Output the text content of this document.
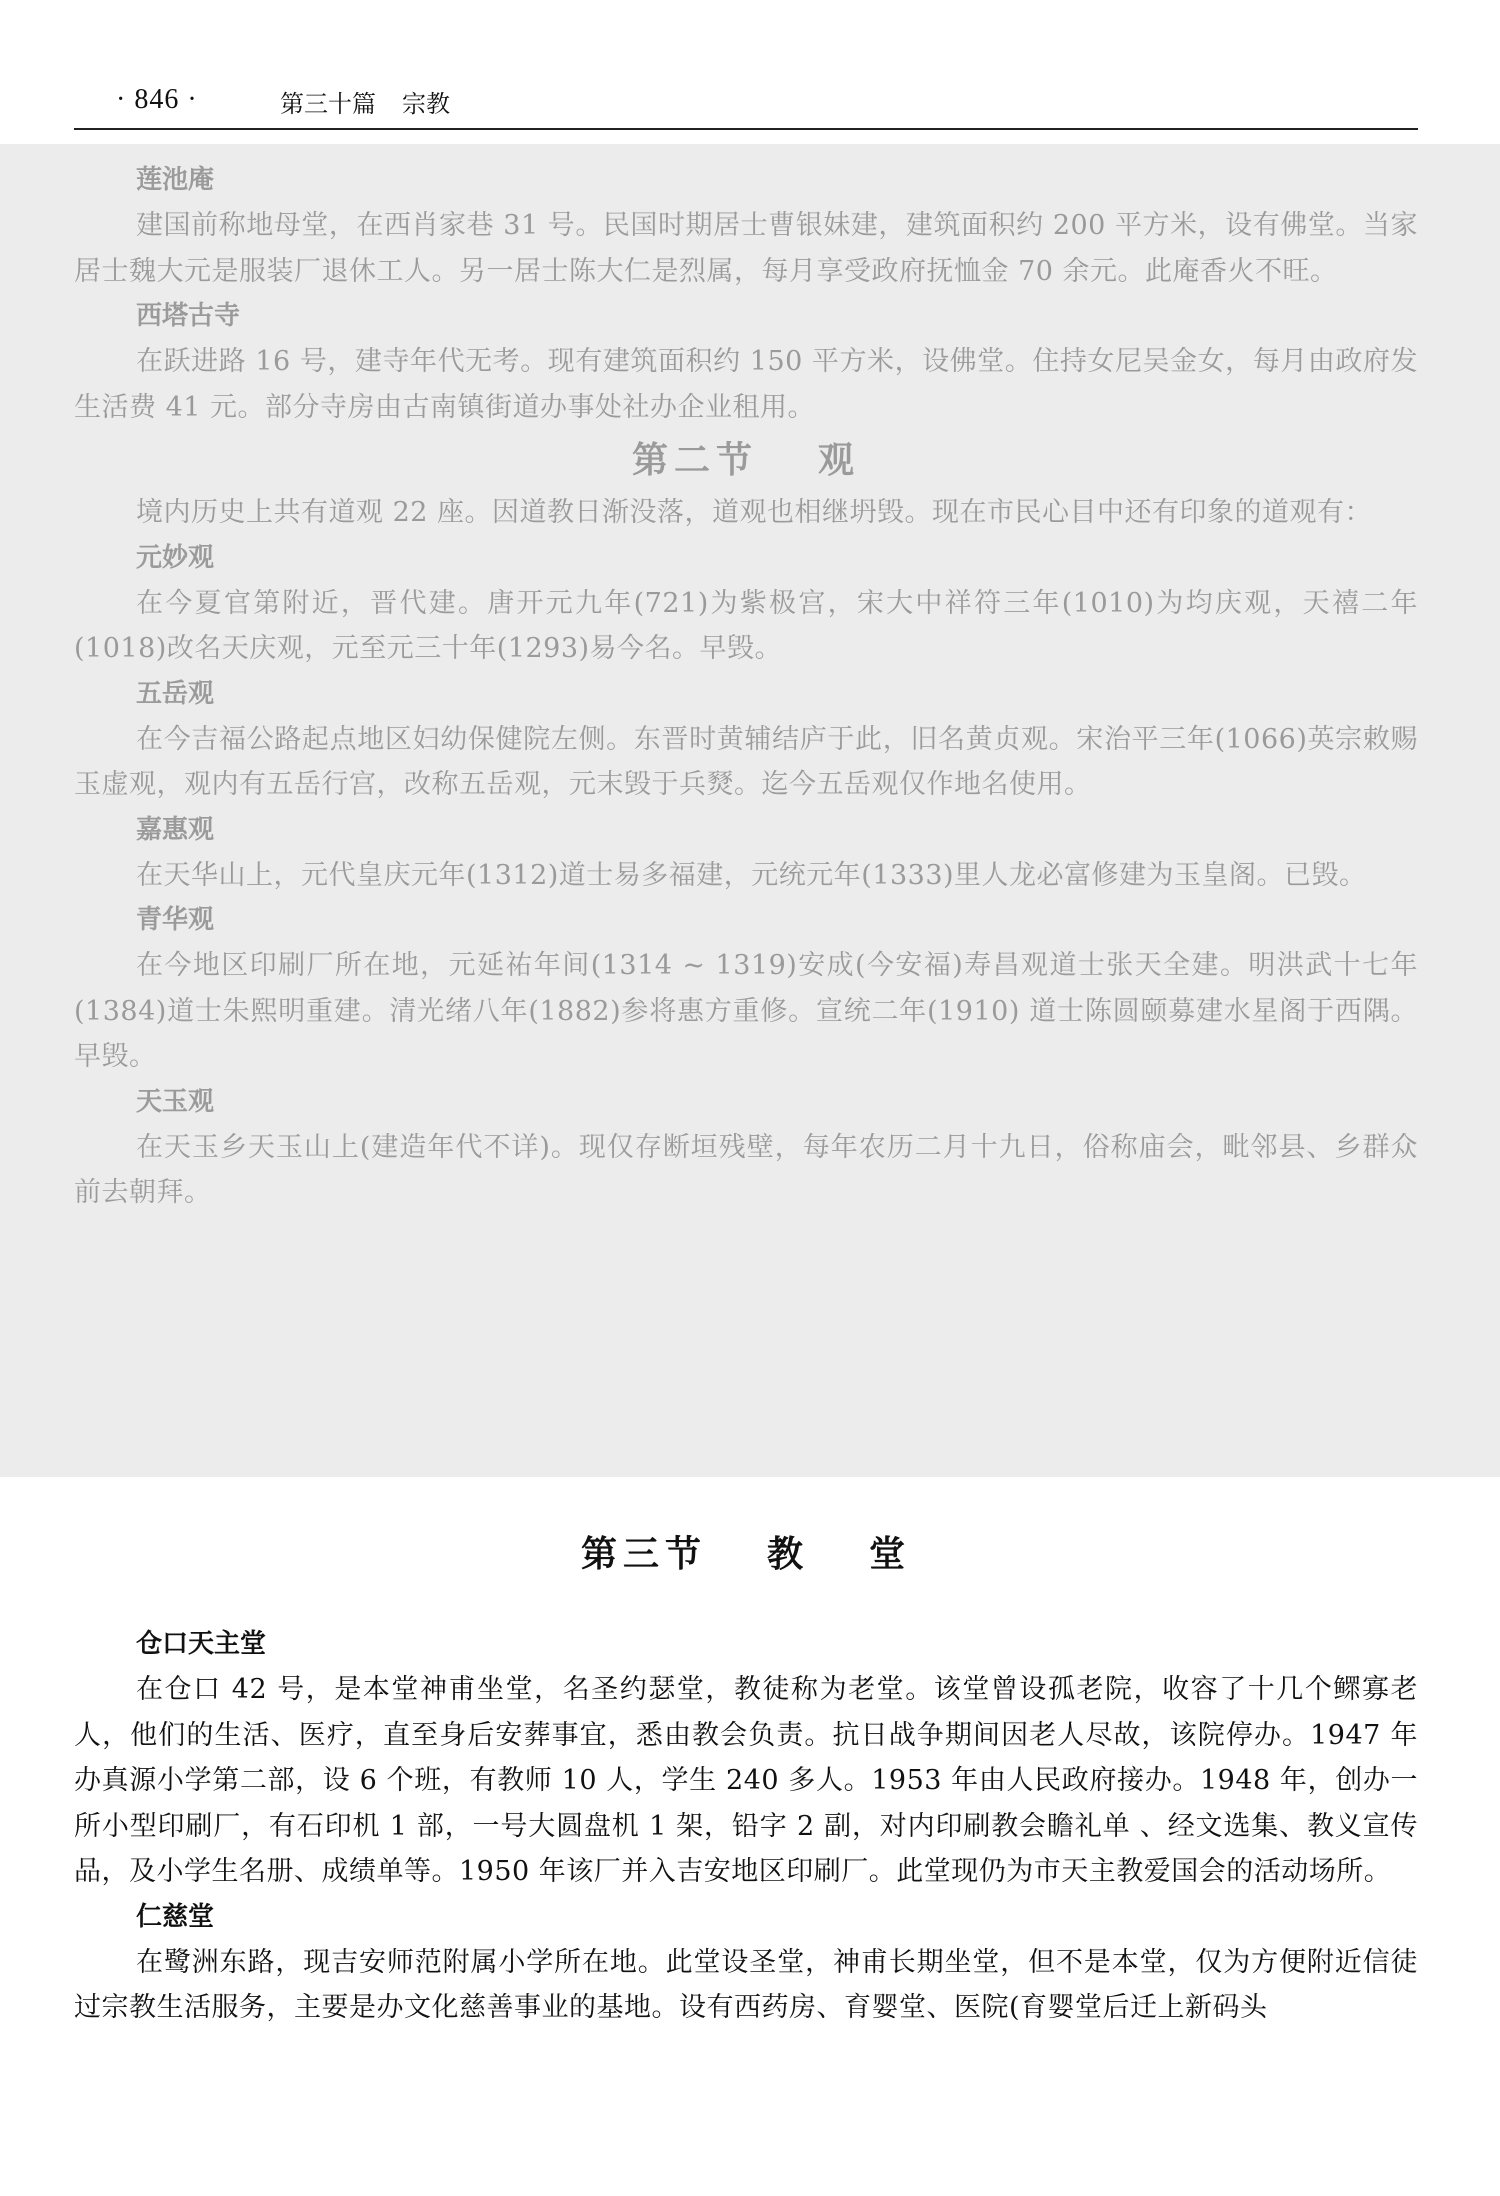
· 846 ·	第三十篇 宗教

莲池庵

建国前称地母堂，在西肖家巷 31 号。民国时期居士曹银妹建，建筑面积约 200 平方米，设有佛堂。当家居士魏大元是服装厂退休工人。另一居士陈大仁是烈属，每月享受政府抚恤金 70 余元。此庵香火不旺。

西塔古寺

在跃进路 16 号，建寺年代无考。现有建筑面积约 150 平方米，设佛堂。住持女尼吴金女，每月由政府发生活费 41 元。部分寺房由古南镇街道办事处社办企业租用。

第二节 观

境内历史上共有道观 22 座。因道教日渐没落，道观也相继坍毁。现在市民心目中还有印象的道观有：

元妙观

在今夏官第附近，晋代建。唐开元九年(721)为紫极宫，宋大中祥符三年(1010)为均庆观，天禧二年(1018)改名天庆观，元至元三十年(1293)易今名。早毁。

五岳观

在今吉福公路起点地区妇幼保健院左侧。东晋时黄辅结庐于此，旧名黄贞观。宋治平三年(1066)英宗敕赐玉虚观，观内有五岳行宫，改称五岳观，元末毁于兵燹。迄今五岳观仅作地名使用。

嘉惠观

在天华山上，元代皇庆元年(1312)道士易多福建，元统元年(1333)里人龙必富修建为玉皇阁。已毁。

青华观

在今地区印刷厂所在地，元延祐年间(1314 ~ 1319)安成(今安福)寿昌观道士张天全建。明洪武十七年(1384)道士朱熙明重建。清光绪八年(1882)参将惠方重修。宣统二年(1910) 道士陈圆颐募建水星阁于西隅。早毁。

天玉观

在天玉乡天玉山上(建造年代不详)。现仅存断垣残壁，每年农历二月十九日，俗称庙会，毗邻县、乡群众前去朝拜。

第三节 教 堂

仓口天主堂

在仓口 42 号，是本堂神甫坐堂，名圣约瑟堂，教徒称为老堂。该堂曾设孤老院，收容了十几个鳏寡老人，他们的生活、医疗，直至身后安葬事宜，悉由教会负责。抗日战争期间因老人尽故，该院停办。1947 年办真源小学第二部，设 6 个班，有教师 10 人，学生 240 多人。1953 年由人民政府接办。1948 年，创办一所小型印刷厂，有石印机 1 部，一号大圆盘机 1 架，铅字 2 副，对内印刷教会瞻礼单 、经文选集、教义宣传品，及小学生名册、成绩单等。1950 年该厂并入吉安地区印刷厂。此堂现仍为市天主教爱国会的活动场所。

仁慈堂

在鹭洲东路，现吉安师范附属小学所在地。此堂设圣堂，神甫长期坐堂，但不是本堂，仅为方便附近信徒过宗教生活服务，主要是办文化慈善事业的基地。设有西药房、育婴堂、医院(育婴堂后迁上新码头
